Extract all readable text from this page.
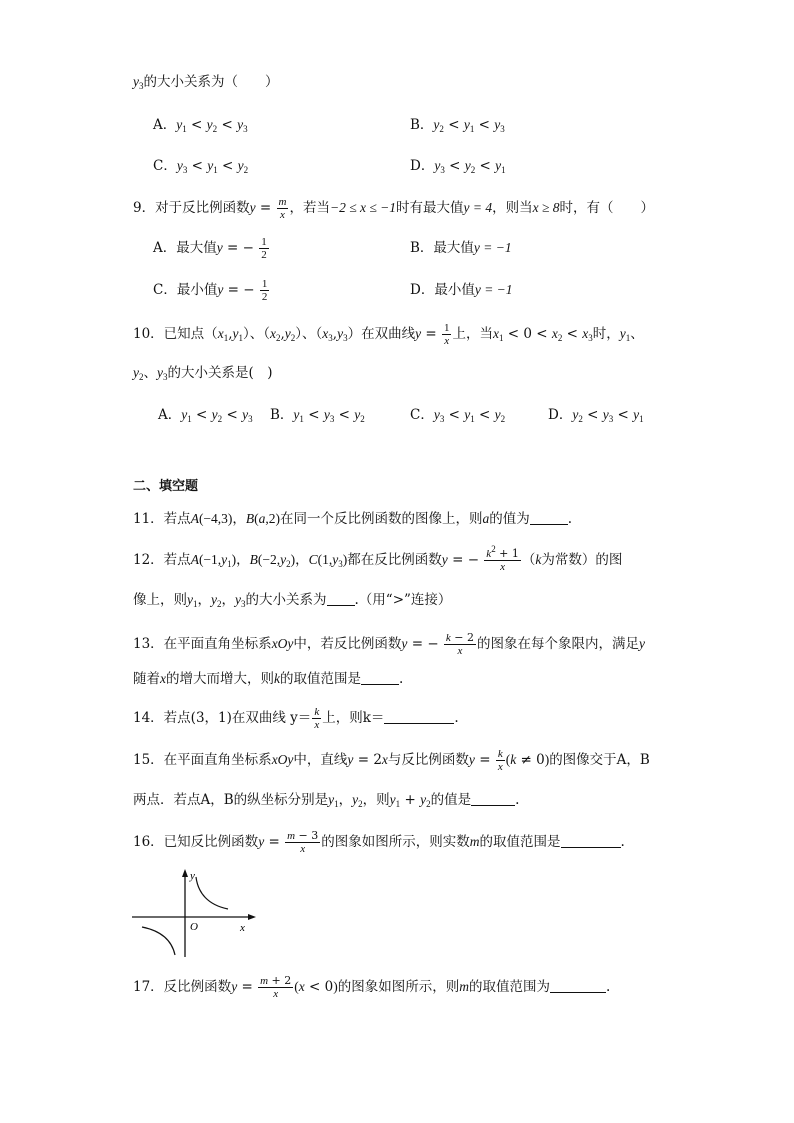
$y_3$的大小关系为（　　）
A．$y_1 < y_2 < y_3$	B．$y_2 < y_1 < y_3$
C．$y_3 < y_1 < y_2$	D．$y_3 < y_2 < y_1$
9．对于反比例函数$y = \frac{m}{x}$ ，若当−2 ≤ x ≤ −1时有最大值y = 4，则当x ≥ 8时，有（　　）
A．最大值y = − $\frac{1}{2}$	B．最大值y = −1
C．最小值y = − $\frac{1}{2}$	D．最小值y = −1
10．已知点$(x_1,y_1)$、$(x_2,y_2)$、$(x_3,y_3)$在双曲线$y = \frac{1}{x}$ 上，当$x_1 < 0 < x_2 < x_3$时，$y_1$、
$y_2$、$y_3$的大小关系是(　)
A．$y_1 < y_2 < y_3$ B．$y_1 < y_3 < y_2$	C．$y_3 < y_1 < y_2$	D．$y_2 < y_3 < y_1$
二、填空题
11．若点A(−4,3)，B(a,2)在同一个反比例函数的图像上，则a的值为	.
12．若点$A(-1,y_1)$，$B(-2,y_2)$，$C(1,y_3)$都在反比例函数y = − $\frac{k^2 + 1}{x} (k$为常数）的图
像上，则$y_1$，$y_2$，$y_3$的大小关系为 .（用“>”连接）
13．在平面直角坐标系xOy中，若反比例函数y = − $\frac{k - 2}{x}$ 的图象在每个象限内，满足y
随着x的增大而增大，则k的取值范围是	.
14．若点(3，1)在双曲线 $y= \frac{k}{x}$ 上，则k＝	.
15．在平面直角坐标系xOy中，直线y = 2x与反比例函数$y = \frac{k}{x} (k \ne 0)$的图像交于A，B
两点．若点A，B的纵坐标分别是$y_1$，$y_2$，则$y_1 + y_2$的值是	.
16．已知反比例函数$y = \frac{m - 3}{x}$ 的图象如图所示，则实数m的取值范围是	.
y
x
O
17．反比例函数$y = \frac{m + 2}{x} (x < 0)$的图象如图所示，则m的取值范围为	.
